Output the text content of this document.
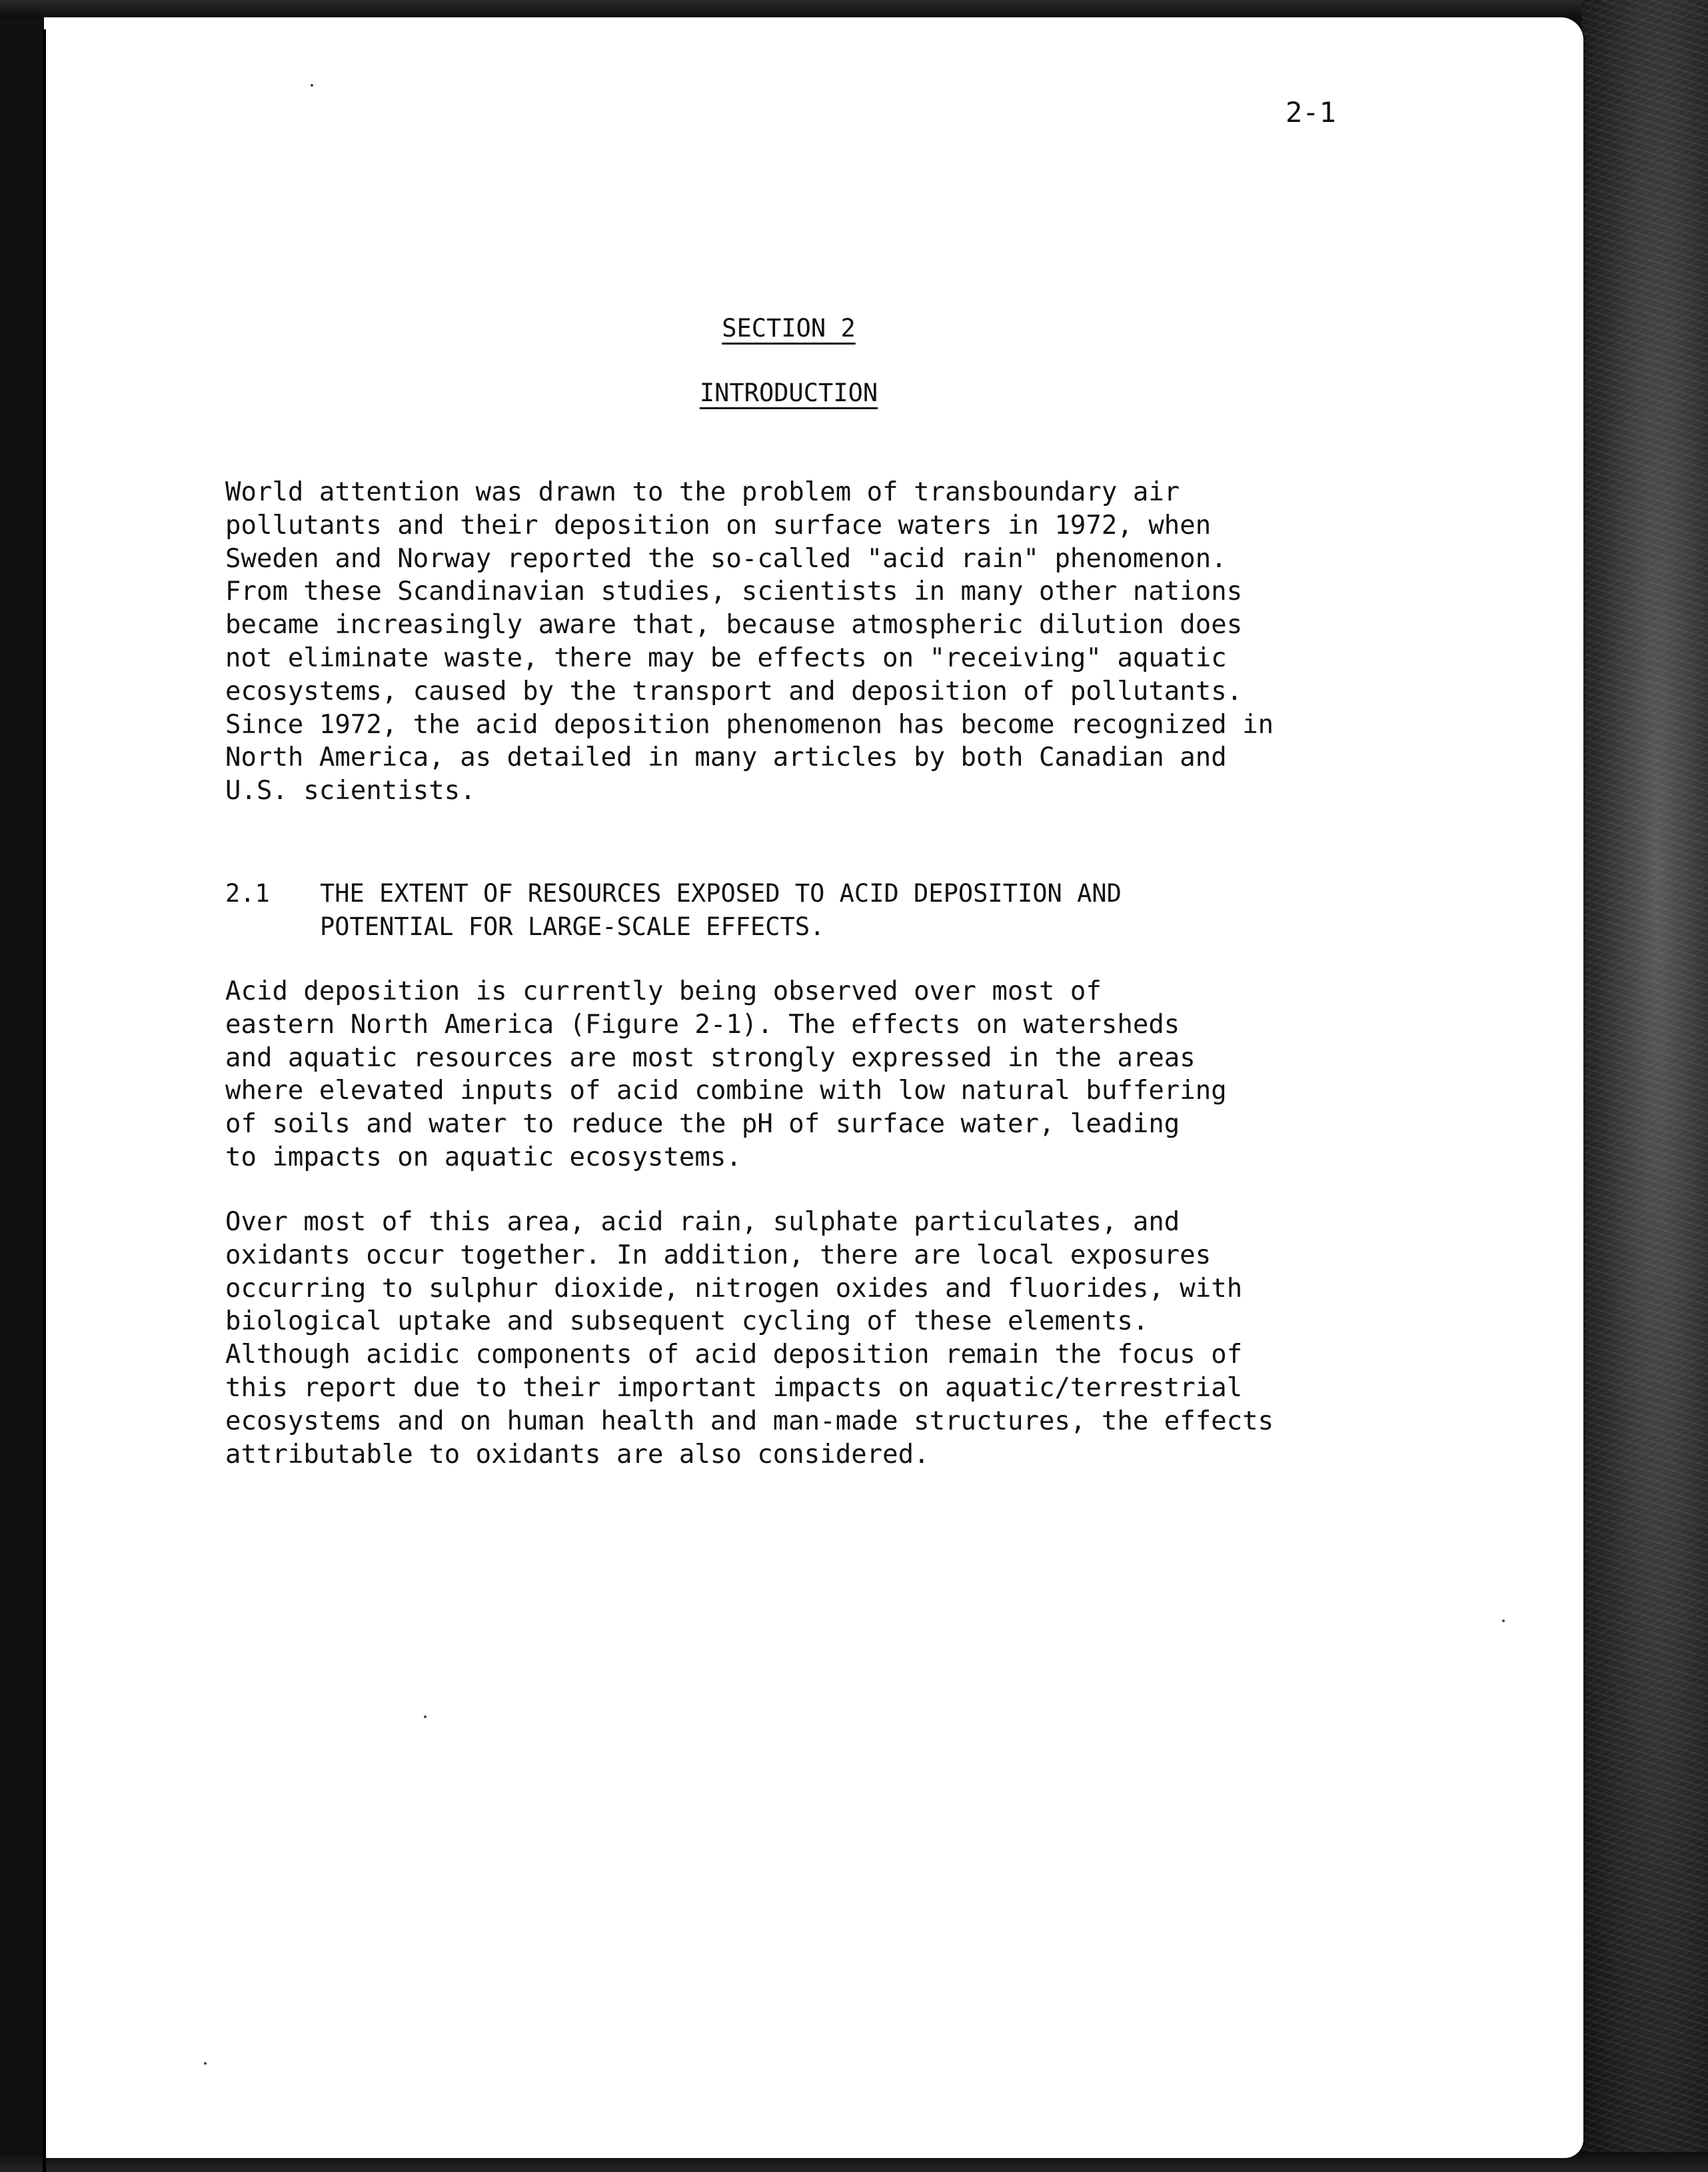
2-1
SECTION 2
INTRODUCTION
World attention was drawn to the problem of transboundary air
pollutants and their deposition on surface waters in 1972, when
Sweden and Norway reported the so-called "acid rain" phenomenon.
From these Scandinavian studies, scientists in many other nations
became increasingly aware that, because atmospheric dilution does
not eliminate waste, there may be effects on "receiving" aquatic
ecosystems, caused by the transport and deposition of pollutants.
Since 1972, the acid deposition phenomenon has become recognized in
North America, as detailed in many articles by both Canadian and
U.S. scientists.
2.1 THE EXTENT OF RESOURCES EXPOSED TO ACID DEPOSITION AND
POTENTIAL FOR LARGE-SCALE EFFECTS.
Acid deposition is currently being observed over most of
eastern North America (Figure 2-1). The effects on watersheds
and aquatic resources are most strongly expressed in the areas
where elevated inputs of acid combine with low natural buffering
of soils and water to reduce the pH of surface water, leading
to impacts on aquatic ecosystems.
Over most of this area, acid rain, sulphate particulates, and
oxidants occur together. In addition, there are local exposures
occurring to sulphur dioxide, nitrogen oxides and fluorides, with
biological uptake and subsequent cycling of these elements.
Although acidic components of acid deposition remain the focus of
this report due to their important impacts on aquatic/terrestrial
ecosystems and on human health and man-made structures, the effects
attributable to oxidants are also considered.
